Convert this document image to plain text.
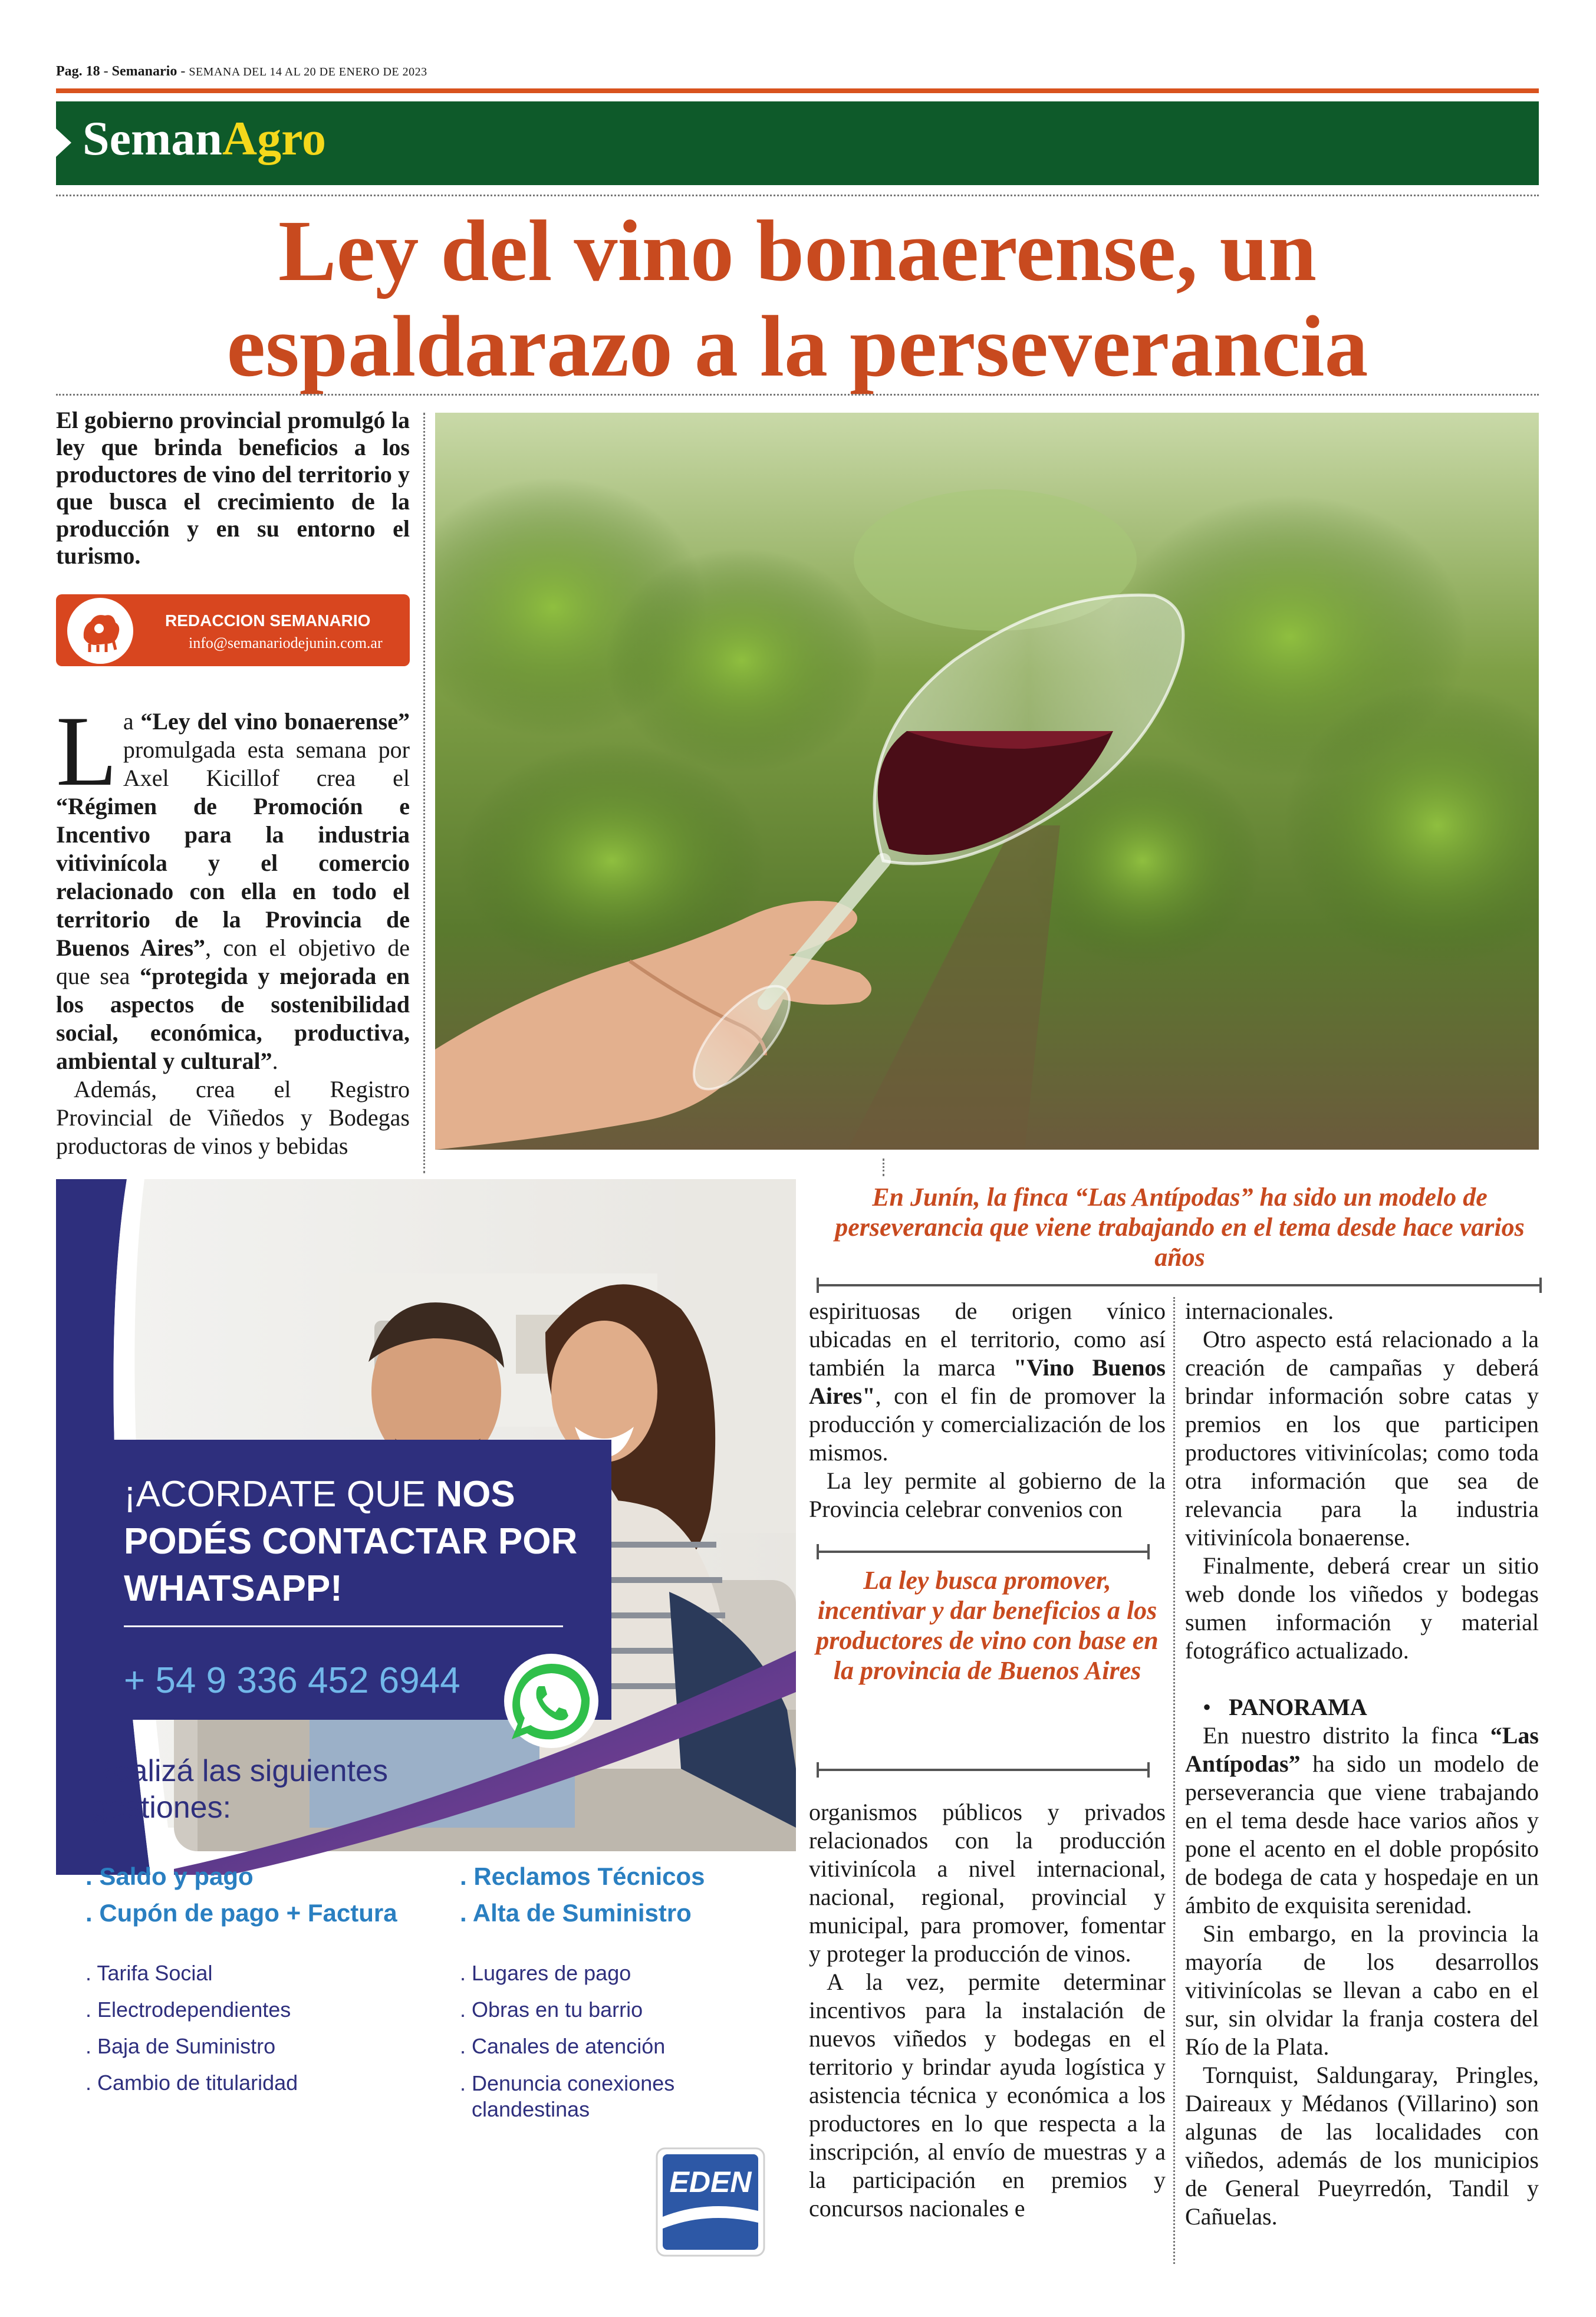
Pag. 18 - Semanario - SEMANA DEL 14 AL 20 DE ENERO DE 2023
SemanAgro
Ley del vino bonaerense, un espaldarazo a la perseverancia

El gobierno provincial promulgó la ley que brinda beneficios a los productores de vino del territorio y que busca el crecimiento de la producción y en su entorno el turismo.

REDACCION SEMANARIO
info@semanariodejunin.com.ar

La “Ley del vino bonaerense” promulgada esta semana por Axel Kicillof crea el “Régimen de Promoción e Incentivo para la industria vitivinícola y el comercio relacionado con ella en todo el territorio de la Provincia de Buenos Aires”, con el objetivo de que sea “protegida y mejorada en los aspectos de sostenibilidad social, económica, productiva, ambiental y cultural”.

Además, crea el Registro Provincial de Viñedos y Bodegas productoras de vinos y bebidas

En Junín, la finca “Las Antípodas” ha sido un modelo de perseverancia que viene trabajando en el tema desde hace varios años

espirituosas de origen vínico ubicadas en el territorio, como así también la marca "Vino Buenos Aires", con el fin de promover la producción y comercialización de los mismos.

La ley permite al gobierno de la Provincia celebrar convenios con

La ley busca promover, incentivar y dar beneficios a los productores de vino con base en la provincia de Buenos Aires

organismos públicos y privados relacionados con la producción vitivinícola a nivel internacional, nacional, regional, provincial y municipal, para promover, fomentar y proteger la producción de vinos.

A la vez, permite determinar incentivos para la instalación de nuevos viñedos y bodegas en el territorio y brindar ayuda logística y asistencia técnica y económica a los productores en lo que respecta a la inscripción, al envío de muestras y a la participación en premios y concursos nacionales e

internacionales.

Otro aspecto está relacionado a la creación de campañas y deberá brindar información sobre catas y premios en los que participen productores vitivinícolas; como toda otra información que sea de relevancia para la industria vitivinícola bonaerense.

Finalmente, deberá crear un sitio web donde los viñedos y bodegas sumen información y material fotográfico actualizado.

•   PANORAMA

En nuestro distrito la finca “Las Antípodas” ha sido un modelo de perseverancia que viene trabajando en el tema desde hace varios años y pone el acento en el doble propósito de bodega de cata y hospedaje en un ámbito de exquisita serenidad.

Sin embargo, en la provincia la mayoría de los desarrollos vitivinícolas se llevan a cabo en el sur, sin olvidar la franja costera del Río de la Plata.

Tornquist, Saldungaray, Pringles, Daireaux y Médanos (Villarino) son algunas de las localidades con viñedos, además de los municipios de General Pueyrredón, Tandil y Cañuelas.

¡ACORDATE QUE NOS PODÉS CONTACTAR POR WHATSAPP!
+ 54 9 336 452 6944
Realizá las siguientes gestiones:
. Saldo y pago
. Cupón de pago + Factura
. Reclamos Técnicos
. Alta de Suministro
. Tarifa Social
. Electrodependientes
. Baja de Suministro
. Cambio de titularidad
. Lugares de pago
. Obras en tu barrio
. Canales de atención
. Denuncia conexiones clandestinas
EDEN
